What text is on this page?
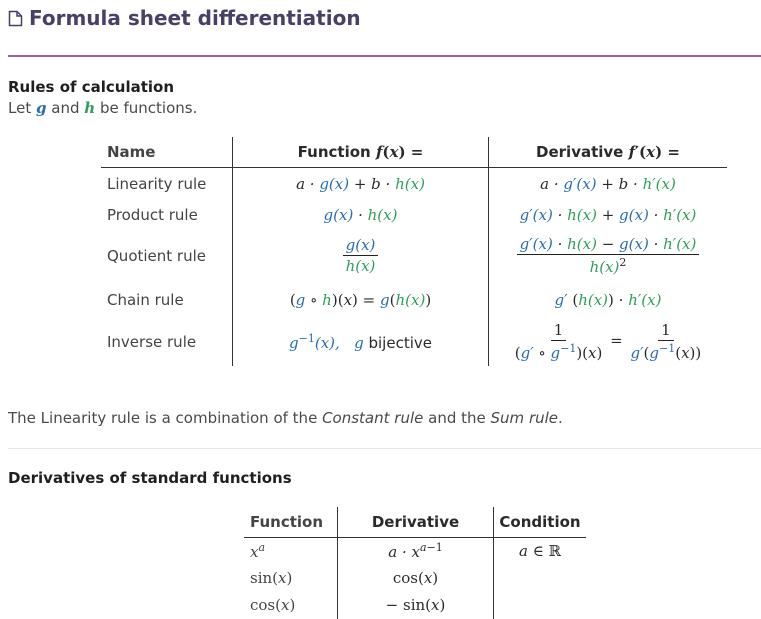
Formula sheet differentiation
Rules of calculation
Let g and h be functions.
Name	Function f(x) =	Derivative f′(x) =
Linearity rule	a · g(x) + b · h(x)	a · g′(x) + b · h′(x)
Product rule	g(x) · h(x)	g′(x) · h(x) + g(x) · h′(x)
Quotient rule	$\frac{g(x)}{h(x)}$	$\frac{g'(x) \cdot h(x) - g(x) \cdot h'(x)}{h(x)^2}$

Chain rule	(g ∘ h)(x) = g(h(x))	g′ (h(x)) · h′(x)
Inverse rule	$g^{-1}(x)$, g bijective	$\frac{1}{(g' \circ g^{-1})(x)} = \frac{1}{g'(g^{-1}(x))}$
The Linearity rule is a combination of the Constant rule and the Sum rule.
Derivatives of standard functions
Function	Derivative	Condition
$x^a$	$a \cdot x^{a-1}$	a ∈ ℝ
sin(x)	cos(x)	
cos(x)	− sin(x)	
